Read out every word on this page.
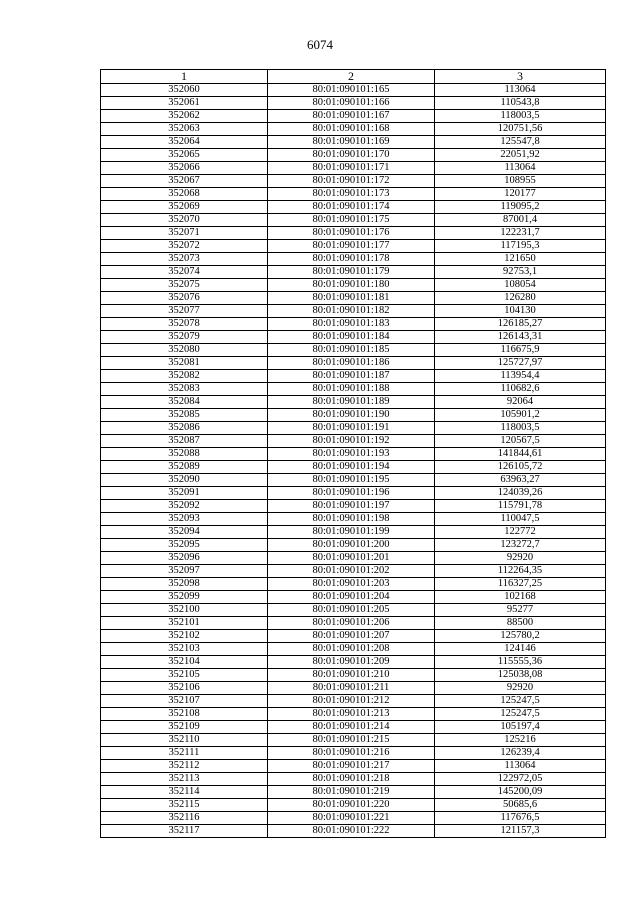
6074
1	2	3
352060	80:01:090101:165	113064
352061	80:01:090101:166	110543,8
352062	80:01:090101:167	118003,5
352063	80:01:090101:168	120751,56
352064	80:01:090101:169	125547,8
352065	80:01:090101:170	22051,92
352066	80:01:090101:171	113064
352067	80:01:090101:172	108955
352068	80:01:090101:173	120177
352069	80:01:090101:174	119095,2
352070	80:01:090101:175	87001,4
352071	80:01:090101:176	122231,7
352072	80:01:090101:177	117195,3
352073	80:01:090101:178	121650
352074	80:01:090101:179	92753,1
352075	80:01:090101:180	108054
352076	80:01:090101:181	126280
352077	80:01:090101:182	104130
352078	80:01:090101:183	126185,27
352079	80:01:090101:184	126143,31
352080	80:01:090101:185	116675,9
352081	80:01:090101:186	125727,97
352082	80:01:090101:187	113954,4
352083	80:01:090101:188	110682,6
352084	80:01:090101:189	92064
352085	80:01:090101:190	105901,2
352086	80:01:090101:191	118003,5
352087	80:01:090101:192	120567,5
352088	80:01:090101:193	141844,61
352089	80:01:090101:194	126105,72
352090	80:01:090101:195	63963,27
352091	80:01:090101:196	124039,26
352092	80:01:090101:197	115791,78
352093	80:01:090101:198	110047,5
352094	80:01:090101:199	122772
352095	80:01:090101:200	123272,7
352096	80:01:090101:201	92920
352097	80:01:090101:202	112264,35
352098	80:01:090101:203	116327,25
352099	80:01:090101:204	102168
352100	80:01:090101:205	95277
352101	80:01:090101:206	88500
352102	80:01:090101:207	125780,2
352103	80:01:090101:208	124146
352104	80:01:090101:209	115555,36
352105	80:01:090101:210	125038,08
352106	80:01:090101:211	92920
352107	80:01:090101:212	125247,5
352108	80:01:090101:213	125247,5
352109	80:01:090101:214	105197,4
352110	80:01:090101:215	125216
352111	80:01:090101:216	126239,4
352112	80:01:090101:217	113064
352113	80:01:090101:218	122972,05
352114	80:01:090101:219	145200,09
352115	80:01:090101:220	50685,6
352116	80:01:090101:221	117676,5
352117	80:01:090101:222	121157,3
